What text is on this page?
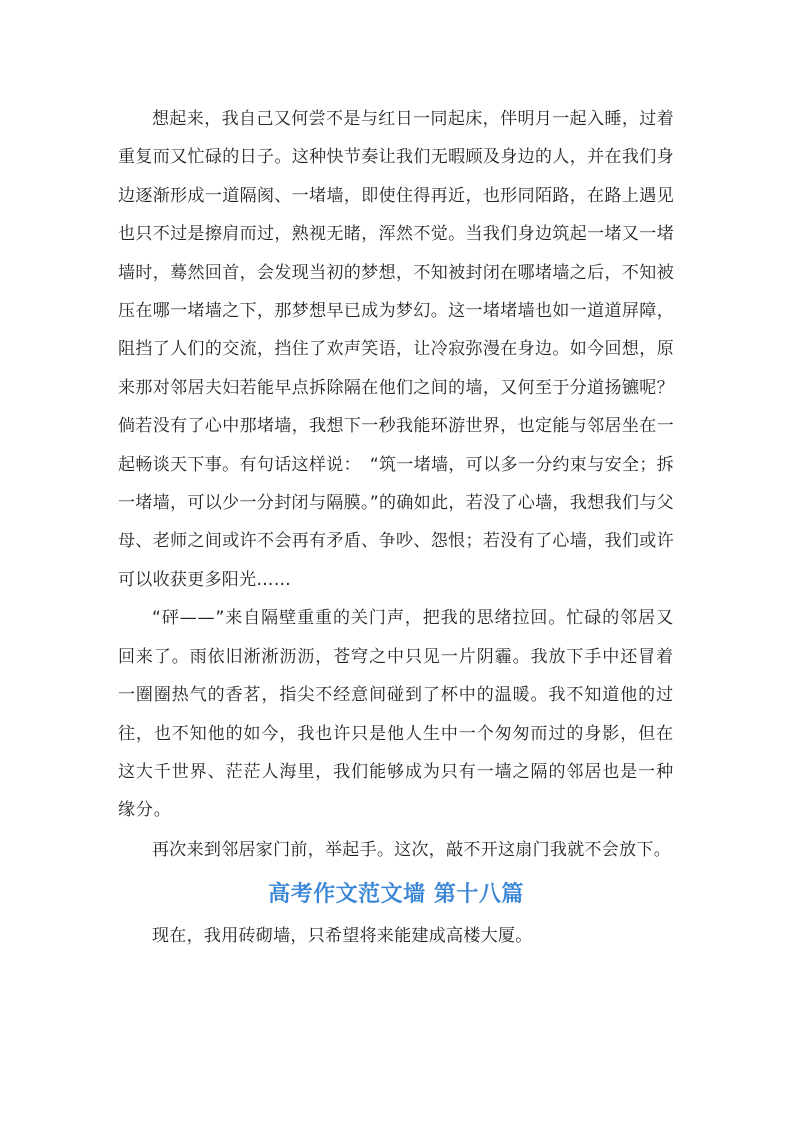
想起来，我自己又何尝不是与红日一同起床，伴明月一起入睡，过着重复而又忙碌的日子。这种快节奏让我们无暇顾及身边的人，并在我们身边逐渐形成一道隔阂、一堵墙，即使住得再近，也形同陌路，在路上遇见也只不过是擦肩而过，熟视无睹，浑然不觉。当我们身边筑起一堵又一堵墙时，蓦然回首，会发现当初的梦想，不知被封闭在哪堵墙之后，不知被压在哪一堵墙之下，那梦想早已成为梦幻。这一堵堵墙也如一道道屏障，阻挡了人们的交流，挡住了欢声笑语，让冷寂弥漫在身边。如今回想，原来那对邻居夫妇若能早点拆除隔在他们之间的墙，又何至于分道扬镳呢？倘若没有了心中那堵墙，我想下一秒我能环游世界，也定能与邻居坐在一起畅谈天下事。有句话这样说：　“筑一堵墙，可以多一分约束与安全；拆一堵墙，可以少一分封闭与隔膜。”的确如此，若没了心墙，我想我们与父母、老师之间或许不会再有矛盾、争吵、怨恨；若没有了心墙，我们或许可以收获更多阳光……

“砰——”来自隔壁重重的关门声，把我的思绪拉回。忙碌的邻居又回来了。雨依旧淅淅沥沥，苍穹之中只见一片阴霾。我放下手中还冒着一圈圈热气的香茗，指尖不经意间碰到了杯中的温暖。我不知道他的过往，也不知他的如今，我也许只是他人生中一个匆匆而过的身影，但在这大千世界、茫茫人海里，我们能够成为只有一墙之隔的邻居也是一种缘分。

再次来到邻居家门前，举起手。这次，敲不开这扇门我就不会放下。

高考作文范文墙 第十八篇

现在，我用砖砌墙，只希望将来能建成高楼大厦。
